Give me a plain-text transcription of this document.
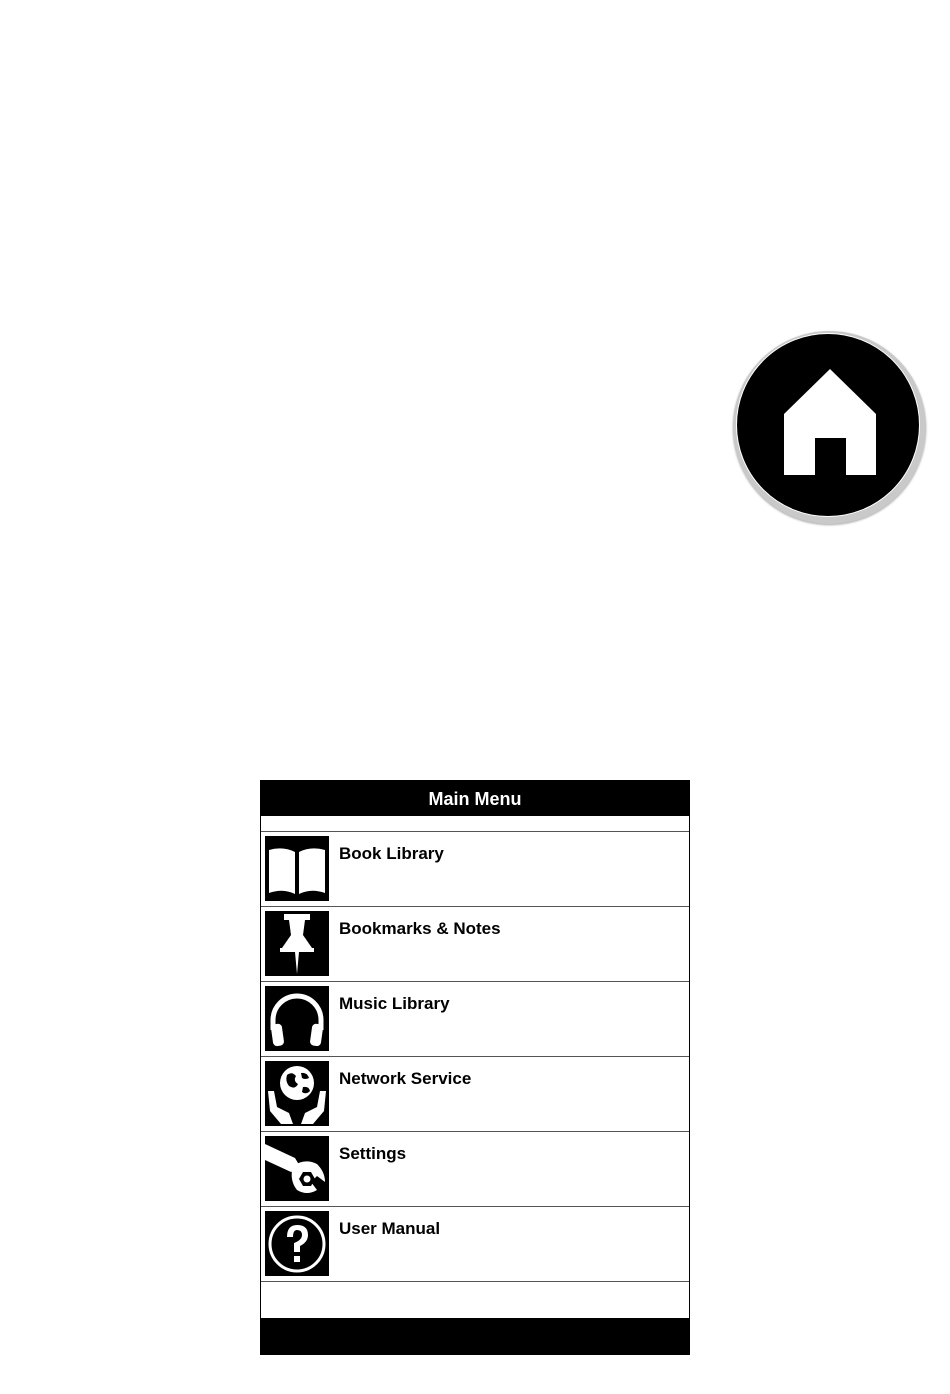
Main Menu
Book Library
Bookmarks & Notes
Music Library
Network Service
Settings
User Manual
